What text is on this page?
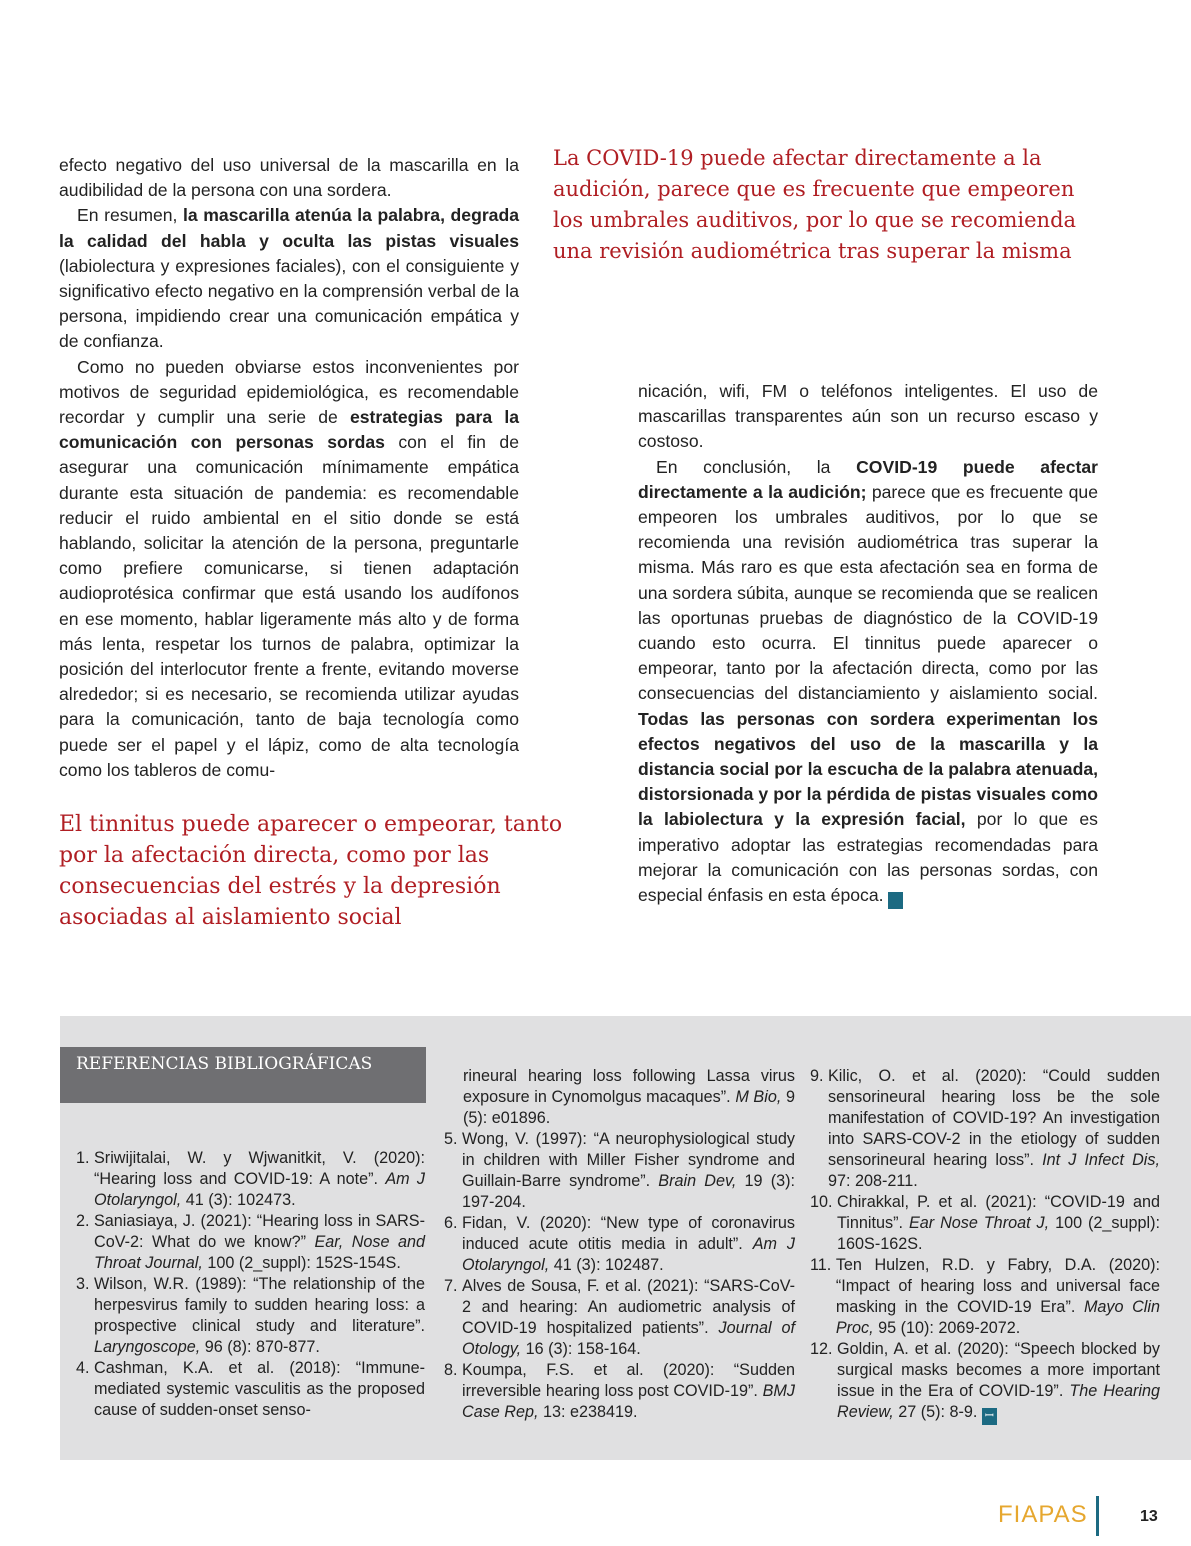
efecto negativo del uso universal de la mascarilla en la audibilidad de la persona con una sordera.

En resumen, la mascarilla atenúa la palabra, degrada la calidad del habla y oculta las pistas visuales (labiolectura y expresiones faciales), con el consiguiente y significativo efecto negativo en la comprensión verbal de la persona, impidiendo crear una comunicación empática y de confianza.

Como no pueden obviarse estos inconvenientes por motivos de seguridad epidemiológica, es recomendable recordar y cumplir una serie de estrategias para la comunicación con personas sordas con el fin de asegurar una comunicación mínimamente empática durante esta situación de pandemia: es recomendable reducir el ruido ambiental en el sitio donde se está hablando, solicitar la atención de la persona, preguntarle como prefiere comunicarse, si tienen adaptación audioprotésica confirmar que está usando los audífonos en ese momento, hablar ligeramente más alto y de forma más lenta, respetar los turnos de palabra, optimizar la posición del interlocutor frente a frente, evitando moverse alrededor; si es necesario, se recomienda utilizar ayudas para la comunicación, tanto de baja tecnología como puede ser el papel y el lápiz, como de alta tecnología como los tableros de comu-

La COVID-19 puede afectar directamente a la audición, parece que es frecuente que empeoren los umbrales auditivos, por lo que se recomienda una revisión audiométrica tras superar la misma

nicación, wifi, FM o teléfonos inteligentes. El uso de mascarillas transparentes aún son un recurso escaso y costoso.

En conclusión, la COVID-19 puede afectar directamente a la audición; parece que es frecuente que empeoren los umbrales auditivos, por lo que se recomienda una revisión audiométrica tras superar la misma. Más raro es que esta afectación sea en forma de una sordera súbita, aunque se recomienda que se realicen las oportunas pruebas de diagnóstico de la COVID-19 cuando esto ocurra. El tinnitus puede aparecer o empeorar, tanto por la afectación directa, como por las consecuencias del distanciamiento y aislamiento social. Todas las personas con sordera experimentan los efectos negativos del uso de la mascarilla y la distancia social por la escucha de la palabra atenuada, distorsionada y por la pérdida de pistas visuales como la labiolectura y la expresión facial, por lo que es imperativo adoptar las estrategias recomendadas para mejorar la comunicación con las personas sordas, con especial énfasis en esta época. ꟷ

El tinnitus puede aparecer o empeorar, tanto por la afectación directa, como por las consecuencias del estrés y la depresión asociadas al aislamiento social

REFERENCIAS BIBLIOGRÁFICAS
1. Sriwijitalai, W. y Wjwanitkit, V. (2020): “Hearing loss and COVID-19: A note”. Am J Otolaryngol, 41 (3): 102473.
2. Saniasiaya, J. (2021): “Hearing loss in SARS-CoV-2: What do we know?” Ear, Nose and Throat Journal, 100 (2_suppl): 152S-154S.
3. Wilson, W.R. (1989): “The relationship of the herpesvirus family to sudden hearing loss: a prospective clinical study and literature”. Laryngoscope, 96 (8): 870-877.
4. Cashman, K.A. et al. (2018): “Immune-mediated systemic vasculitis as the proposed cause of sudden-onset senso-
rineural hearing loss following Lassa virus exposure in Cynomolgus macaques”. M Bio, 9 (5): e01896.
5. Wong, V. (1997): “A neurophysiological study in children with Miller Fisher syndrome and Guillain-Barre syndrome”. Brain Dev, 19 (3): 197-204.
6. Fidan, V. (2020): “New type of coronavirus induced acute otitis media in adult”. Am J Otolaryngol, 41 (3): 102487.
7. Alves de Sousa, F. et al. (2021): “SARS-CoV-2 and hearing: An audiometric analysis of COVID-19 hospitalized patients”. Journal of Otology, 16 (3): 158-164.
8. Koumpa, F.S. et al. (2020): “Sudden irreversible hearing loss post COVID-19”. BMJ Case Rep, 13: e238419.
9. Kilic, O. et al. (2020): “Could sudden sensorineural hearing loss be the sole manifestation of COVID-19? An investigation into SARS-COV-2 in the etiology of sudden sensorineural hearing loss”. Int J Infect Dis, 97: 208-211.
10. Chirakkal, P. et al. (2021): “COVID-19 and Tinnitus”. Ear Nose Throat J, 100 (2_suppl): 160S-162S.
11. Ten Hulzen, R.D. y Fabry, D.A. (2020): “Impact of hearing loss and universal face masking in the COVID-19 Era”. Mayo Clin Proc, 95 (10): 2069-2072.
12. Goldin, A. et al. (2020): “Speech blocked by surgical masks becomes a more important issue in the Era of COVID-19”. The Hearing Review, 27 (5): 8-9. ꟷ
FIAPAS	13
